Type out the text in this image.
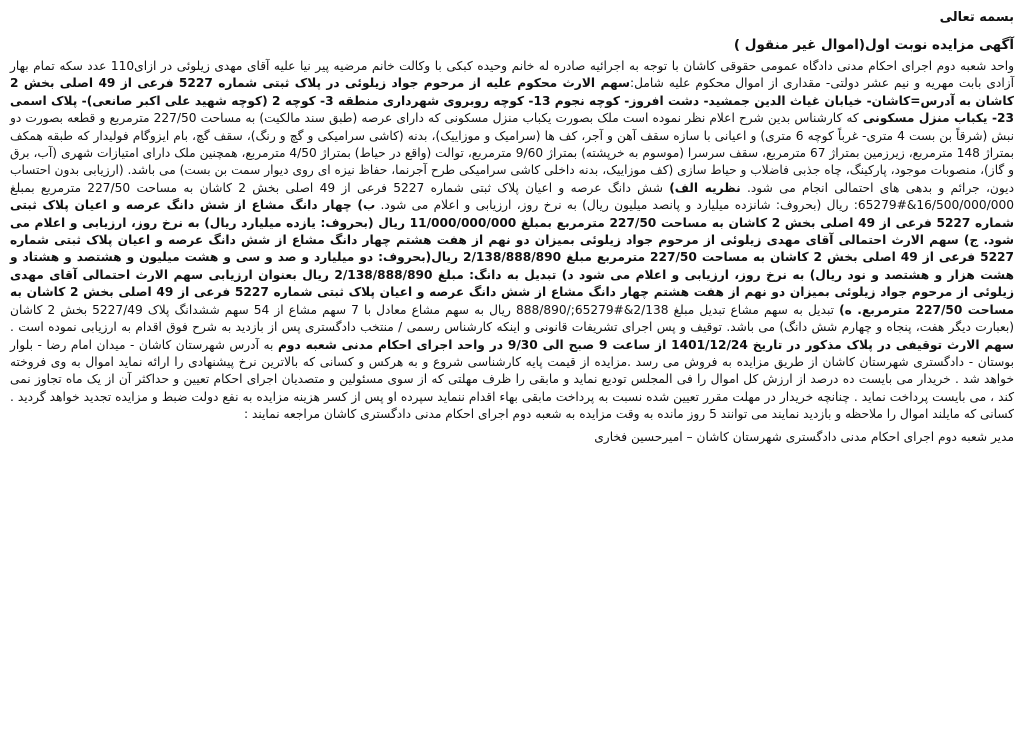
بسمه تعالی

آگهی مزایده نوبت اول(اموال غیر منقول )

واحد شعبه دوم اجرای احکام مدنی دادگاه عمومی حقوقی کاشان با توجه به اجرائیه صادره له خانم وحیده کبکی با وکالت خانم مرضیه پیر نیا علیه آقای مهدی زیلوئی در ازای110 عدد سکه تمام بهار آزادی بابت مهریه و نیم عشر دولتی- مقداری از اموال محکوم علیه شامل:سهم الارث محکوم علیه از مرحوم جواد زیلوئی در پلاک ثبتی شماره 5227 فرعی از 49 اصلی بخش 2 کاشان به آدرس=کاشان- خیابان غیاث الدین جمشید- دشت افروز- کوچه نجوم 13- کوچه روبروی شهرداری منطقه 3- کوچه 2 (کوچه شهید علی اکبر صانعی)- پلاک اسمی 23- یکباب منزل مسکونی که کارشناس بدین شرح اعلام نظر نموده است ملک بصورت یکباب منزل مسکونی که دارای عرصه (طبق سند مالکیت) به مساحت 227/50 مترمربع و قطعه بصورت دو نبش (شرقاً بن بست 4 متری- غرباً کوچه 6 متری) و اعیانی با سازه سقف آهن و آجر، کف ها (سرامیک و موزاییک)، بدنه (کاشی سرامیکی و گچ و رنگ)، سقف گچ، بام ایزوگام فولیدار که طبقه همکف بمتراژ 148 مترمربع، زیرزمین بمتراژ 67 مترمربع، سقف سرسرا (موسوم به خرپشته) بمتراژ 9/60 مترمربع، توالت (واقع در حیاط) بمتراژ 4/50 مترمربع، همچنین ملک دارای امتیازات شهری (آب، برق و گاز)، منصوبات موجود، پارکینگ، چاه جذبی فاضلاب و حیاط سازی (کف موزاییک، بدنه داخلی کاشی سرامیکی طرح آجرنما، حفاظ نیزه ای روی دیوار سمت بن بست) می باشد. (ارزیابی بدون احتساب دیون، جرائم و بدهی های احتمالی انجام می شود. نظریه الف) شش دانگ عرصه و اعیان پلاک ثبتی شماره 5227 فرعی از 49 اصلی بخش 2 کاشان به مساحت 227/50 مترمربع بمبلغ 16/500/000/000&#65279: ریال (بحروف: شانزده میلیارد و پانصد میلیون ریال) به نرخ روز، ارزیابی و اعلام می شود. ب) چهار دانگ مشاع از شش دانگ عرصه و اعیان پلاک ثبتی شماره 5227 فرعی از 49 اصلی بخش 2 کاشان به مساحت 227/50 مترمربع بمبلغ 11/000/000/000 ریال (بحروف: یازده میلیارد ریال) به نرخ روز، ارزیابی و اعلام می شود. ج) سهم الارث احتمالی آقای مهدی زیلوئی از مرحوم جواد زیلوئی بمیزان دو نهم از هفت هشتم چهار دانگ مشاع از شش دانگ عرصه و اعیان پلاک ثبتی شماره 5227 فرعی از 49 اصلی بخش 2 کاشان به مساحت 227/50 مترمربع مبلغ 2/138/888/890 ریال(بحروف: دو میلیارد و صد و سی و هشت میلیون و هشتصد و هشتاد و هشت هزار و هشتصد و نود ریال) به نرخ روز، ارزیابی و اعلام می شود د) تبدیل به دانگ: مبلغ 2/138/888/890 ریال بعنوان ارزیابی سهم الارث احتمالی آقای مهدی زیلوئی از مرحوم جواد زیلوئی بمیزان دو نهم از هفت هشتم چهار دانگ مشاع از شش دانگ عرصه و اعیان پلاک ثبتی شماره 5227 فرعی از 49 اصلی بخش 2 کاشان به مساحت 227/50 مترمربع. ه) تبدیل به سهم مشاع تبدیل مبلغ 2/138&#65279;/888/890 ریال به سهم مشاع معادل با 7 سهم مشاع از 54 سهم ششدانگ پلاک 5227/49 بخش 2 کاشان (بعبارت دیگر هفت، پنجاه و چهارم شش دانگ) می باشد. توقیف و پس اجرای تشریفات قانونی و اینکه کارشناس رسمی / منتخب دادگستری پس از بازدید به شرح فوق اقدام به ارزیابی نموده است . سهم الارث توقیفی در پلاک مذکور در تاریخ 1401/12/24 از ساعت 9 صبح الی 9/30 در واحد اجرای احکام مدنی شعبه دوم به آدرس شهرستان کاشان - میدان امام رضا - بلوار بوستان - دادگستری شهرستان کاشان از طریق مزایده به فروش می رسد .مزایده از قیمت پایه کارشناسی شروع و به هرکس و کسانی که بالاترین نرخ پیشنهادی را ارائه نماید اموال به وی فروخته خواهد شد . خریدار می بایست ده درصد از ارزش کل اموال را فی المجلس تودیع نماید و مابقی را ظرف مهلتی که از سوی مسئولین و متصدیان اجرای احکام تعیین و حداکثر آن از یک ماه تجاوز نمی کند ، می بایست پرداخت نماید . چنانچه خریدار در مهلت مقرر تعیین شده نسبت به پرداخت مابقی بهاء اقدام ننماید سپرده او پس از کسر هزینه مزایده به نفع دولت ضبط و مزایده تجدید خواهد گردید . کسانی که مایلند اموال را ملاحظه و بازدید نمایند می توانند 5 روز مانده به وقت مزایده به شعبه دوم اجرای احکام مدنی دادگستری کاشان مراجعه نمایند :

مدیر شعبه دوم اجرای احکام مدنی دادگستری شهرستان کاشان – امیرحسین فخاری
